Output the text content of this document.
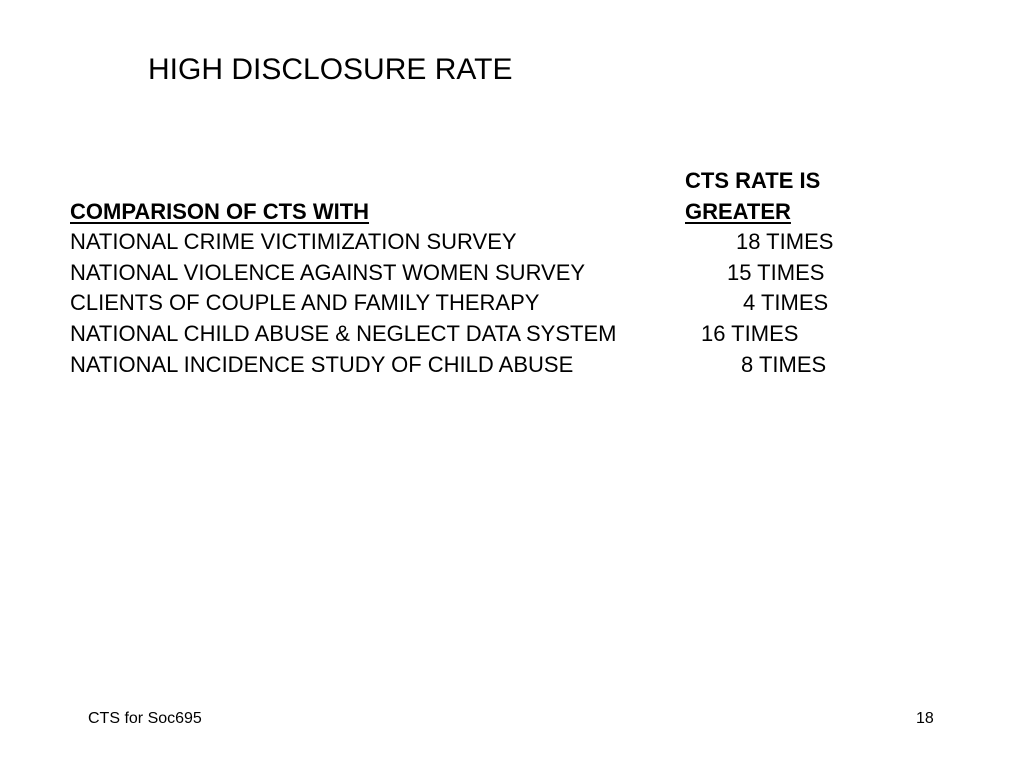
HIGH DISCLOSURE RATE
CTS RATE IS
COMPARISON OF CTS WITH	GREATER
NATIONAL CRIME VICTIMIZATION SURVEY	18 TIMES
NATIONAL VIOLENCE AGAINST WOMEN SURVEY	15 TIMES
CLIENTS OF COUPLE AND FAMILY THERAPY	4 TIMES
NATIONAL CHILD ABUSE & NEGLECT DATA SYSTEM	16 TIMES
NATIONAL INCIDENCE STUDY OF CHILD ABUSE	8 TIMES
CTS for Soc695	18
